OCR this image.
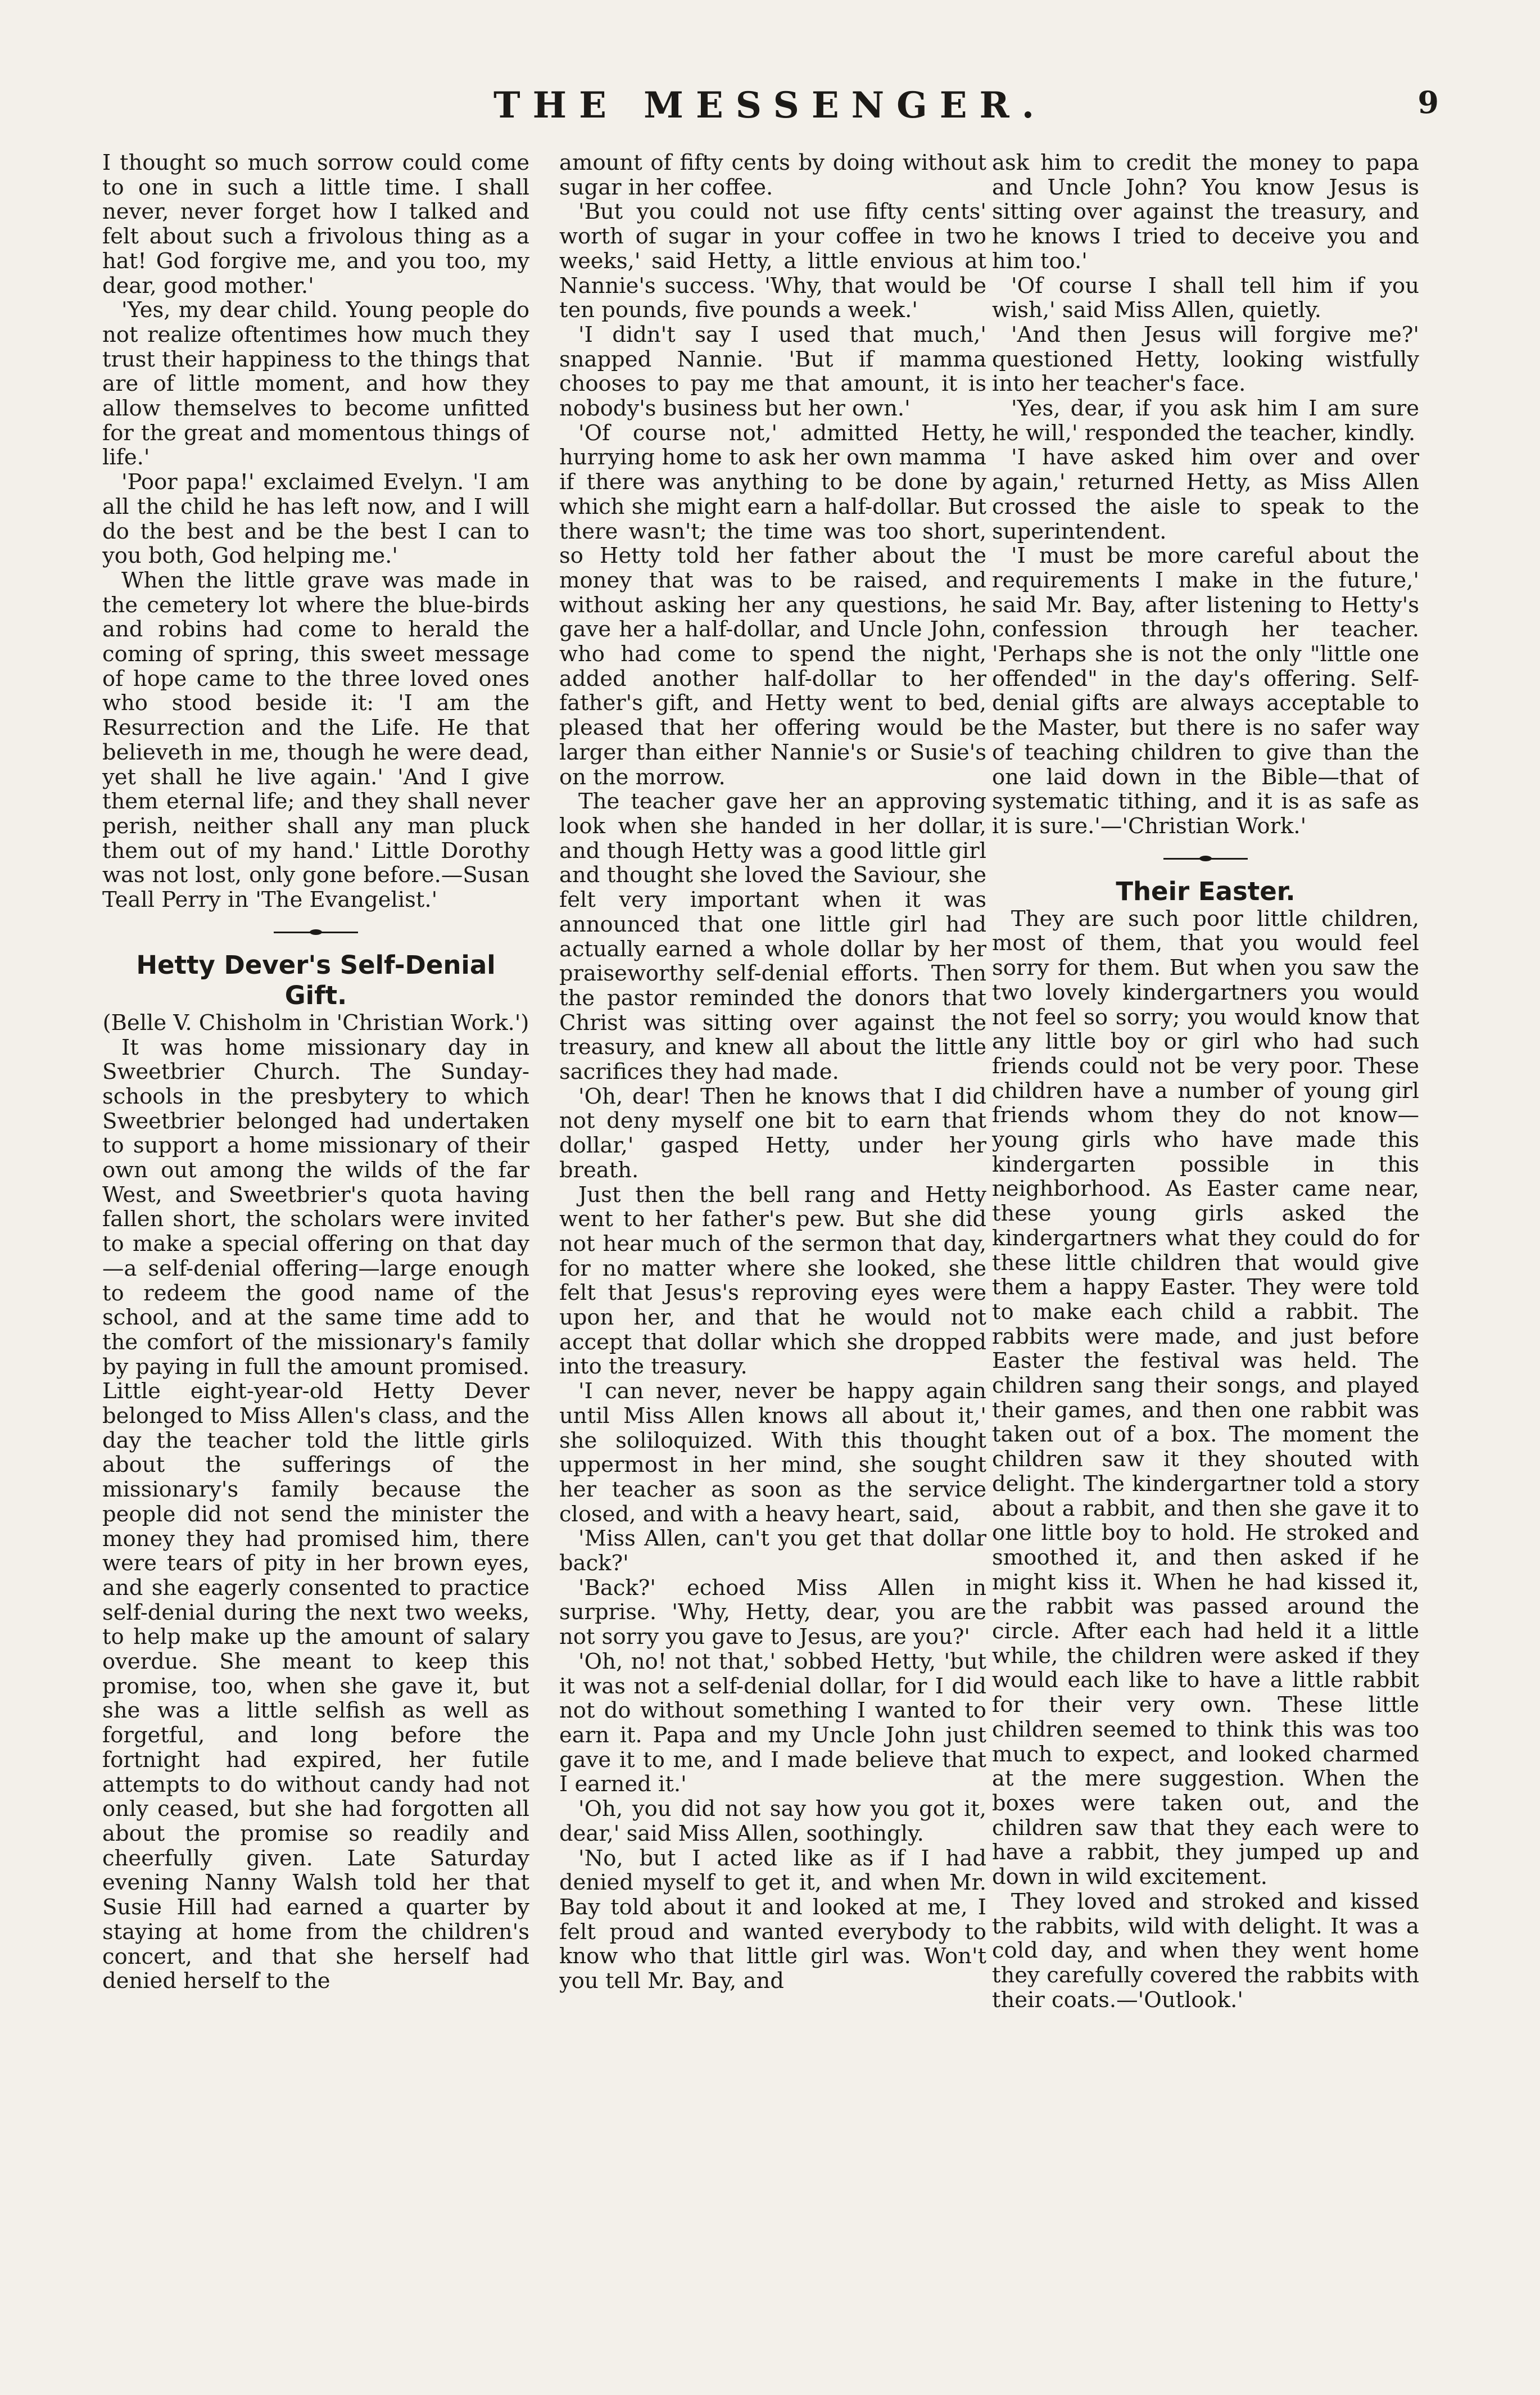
THE MESSENGER.	9

I thought so much sorrow could come to one in such a little time. I shall never, never forget how I talked and felt about such a frivolous thing as a hat! God forgive me, and you too, my dear, good mother.'

'Yes, my dear child. Young people do not realize oftentimes how much they trust their happiness to the things that are of little moment, and how they allow themselves to become unfitted for the great and momentous things of life.'

'Poor papa!' exclaimed Evelyn. 'I am all the child he has left now, and I will do the best and be the best I can to you both, God helping me.'

When the little grave was made in the cemetery lot where the blue-birds and robins had come to herald the coming of spring, this sweet message of hope came to the three loved ones who stood beside it: 'I am the Resurrection and the Life. He that believeth in me, though he were dead, yet shall he live again.' 'And I give them eternal life; and they shall never perish, neither shall any man pluck them out of my hand.' Little Dorothy was not lost, only gone before.—Susan Teall Perry in 'The Evangelist.'

Hetty Dever's Self-Denial Gift.

(Belle V. Chisholm in 'Christian Work.')

It was home missionary day in Sweetbrier Church. The Sunday-schools in the presbytery to which Sweetbrier belonged had undertaken to support a home missionary of their own out among the wilds of the far West, and Sweetbrier's quota having fallen short, the scholars were invited to make a special offering on that day—a self-denial offering—large enough to redeem the good name of the school, and at the same time add to the comfort of the missionary's family by paying in full the amount promised. Little eight-year-old Hetty Dever belonged to Miss Allen's class, and the day the teacher told the little girls about the sufferings of the missionary's family because the people did not send the minister the money they had promised him, there were tears of pity in her brown eyes, and she eagerly consented to practice self-denial during the next two weeks, to help make up the amount of salary overdue. She meant to keep this promise, too, when she gave it, but she was a little selfish as well as forgetful, and long before the fortnight had expired, her futile attempts to do without candy had not only ceased, but she had forgotten all about the promise so readily and cheerfully given. Late Saturday evening Nanny Walsh told her that Susie Hill had earned a quarter by staying at home from the children's concert, and that she herself had denied herself to the

amount of fifty cents by doing without sugar in her coffee.

'But you could not use fifty cents' worth of sugar in your coffee in two weeks,' said Hetty, a little envious at Nannie's success. 'Why, that would be ten pounds, five pounds a week.'

'I didn't say I used that much,' snapped Nannie. 'But if mamma chooses to pay me that amount, it is nobody's business but her own.'

'Of course not,' admitted Hetty, hurrying home to ask her own mamma if there was anything to be done by which she might earn a half-dollar. But there wasn't; the time was too short, so Hetty told her father about the money that was to be raised, and without asking her any questions, he gave her a half-dollar, and Uncle John, who had come to spend the night, added another half-dollar to her father's gift, and Hetty went to bed, pleased that her offering would be larger than either Nannie's or Susie's on the morrow.

The teacher gave her an approving look when she handed in her dollar, and though Hetty was a good little girl and thought she loved the Saviour, she felt very important when it was announced that one little girl had actually earned a whole dollar by her praiseworthy self-denial efforts. Then the pastor reminded the donors that Christ was sitting over against the treasury, and knew all about the little sacrifices they had made.

'Oh, dear! Then he knows that I did not deny myself one bit to earn that dollar,' gasped Hetty, under her breath.

Just then the bell rang and Hetty went to her father's pew. But she did not hear much of the sermon that day, for no matter where she looked, she felt that Jesus's reproving eyes were upon her, and that he would not accept that dollar which she dropped into the treasury.

'I can never, never be happy again until Miss Allen knows all about it,' she soliloquized. With this thought uppermost in her mind, she sought her teacher as soon as the service closed, and with a heavy heart, said,

'Miss Allen, can't you get that dollar back?'

'Back?' echoed Miss Allen in surprise. 'Why, Hetty, dear, you are not sorry you gave to Jesus, are you?'

'Oh, no! not that,' sobbed Hetty, 'but it was not a self-denial dollar, for I did not do without something I wanted to earn it. Papa and my Uncle John just gave it to me, and I made believe that I earned it.'

'Oh, you did not say how you got it, dear,' said Miss Allen, soothingly.

'No, but I acted like as if I had denied myself to get it, and when Mr. Bay told about it and looked at me, I felt proud and wanted everybody to know who that little girl was. Won't you tell Mr. Bay, and

ask him to credit the money to papa and Uncle John? You know Jesus is sitting over against the treasury, and he knows I tried to deceive you and him too.'

'Of course I shall tell him if you wish,' said Miss Allen, quietly.

'And then Jesus will forgive me?' questioned Hetty, looking wistfully into her teacher's face.

'Yes, dear, if you ask him I am sure he will,' responded the teacher, kindly.

'I have asked him over and over again,' returned Hetty, as Miss Allen crossed the aisle to speak to the superintendent.

'I must be more careful about the requirements I make in the future,' said Mr. Bay, after listening to Hetty's confession through her teacher. 'Perhaps she is not the only "little one offended" in the day's offering. Self-denial gifts are always acceptable to the Master, but there is no safer way of teaching children to give than the one laid down in the Bible—that of systematic tithing, and it is as safe as it is sure.'—'Christian Work.'

Their Easter.

They are such poor little children, most of them, that you would feel sorry for them. But when you saw the two lovely kindergartners you would not feel so sorry; you would know that any little boy or girl who had such friends could not be very poor. These children have a number of young girl friends whom they do not know—young girls who have made this kindergarten possible in this neighborhood. As Easter came near, these young girls asked the kindergartners what they could do for these little children that would give them a happy Easter. They were told to make each child a rabbit. The rabbits were made, and just before Easter the festival was held. The children sang their songs, and played their games, and then one rabbit was taken out of a box. The moment the children saw it they shouted with delight. The kindergartner told a story about a rabbit, and then she gave it to one little boy to hold. He stroked and smoothed it, and then asked if he might kiss it. When he had kissed it, the rabbit was passed around the circle. After each had held it a little while, the children were asked if they would each like to have a little rabbit for their very own. These little children seemed to think this was too much to expect, and looked charmed at the mere suggestion. When the boxes were taken out, and the children saw that they each were to have a rabbit, they jumped up and down in wild excitement.

They loved and stroked and kissed the rabbits, wild with delight. It was a cold day, and when they went home they carefully covered the rabbits with their coats.—'Outlook.'
